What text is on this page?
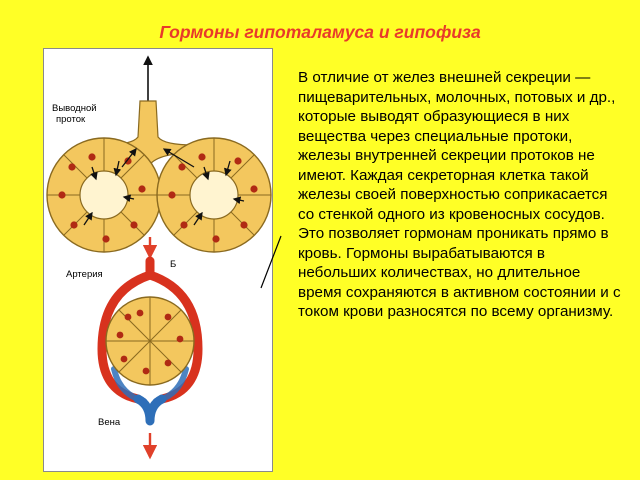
Гормоны гипоталамуса и гипофиза
Выводной
проток
Б
Артерия
Вена

В отличие от желез внешней секреции — пищеварительных, молочных, потовых и др., которые выводят образующиеся в них вещества через специальные протоки, железы внутренней секреции протоков не имеют. Каждая секреторная клетка такой железы своей поверхностью соприкасается со стенкой одного из кровеносных сосудов. Это позволяет гормонам проникать прямо в кровь. Гормоны вырабатываются в небольших количествах, но длительное время сохраняются в активном состоянии и с током крови разносятся по всему организму.
